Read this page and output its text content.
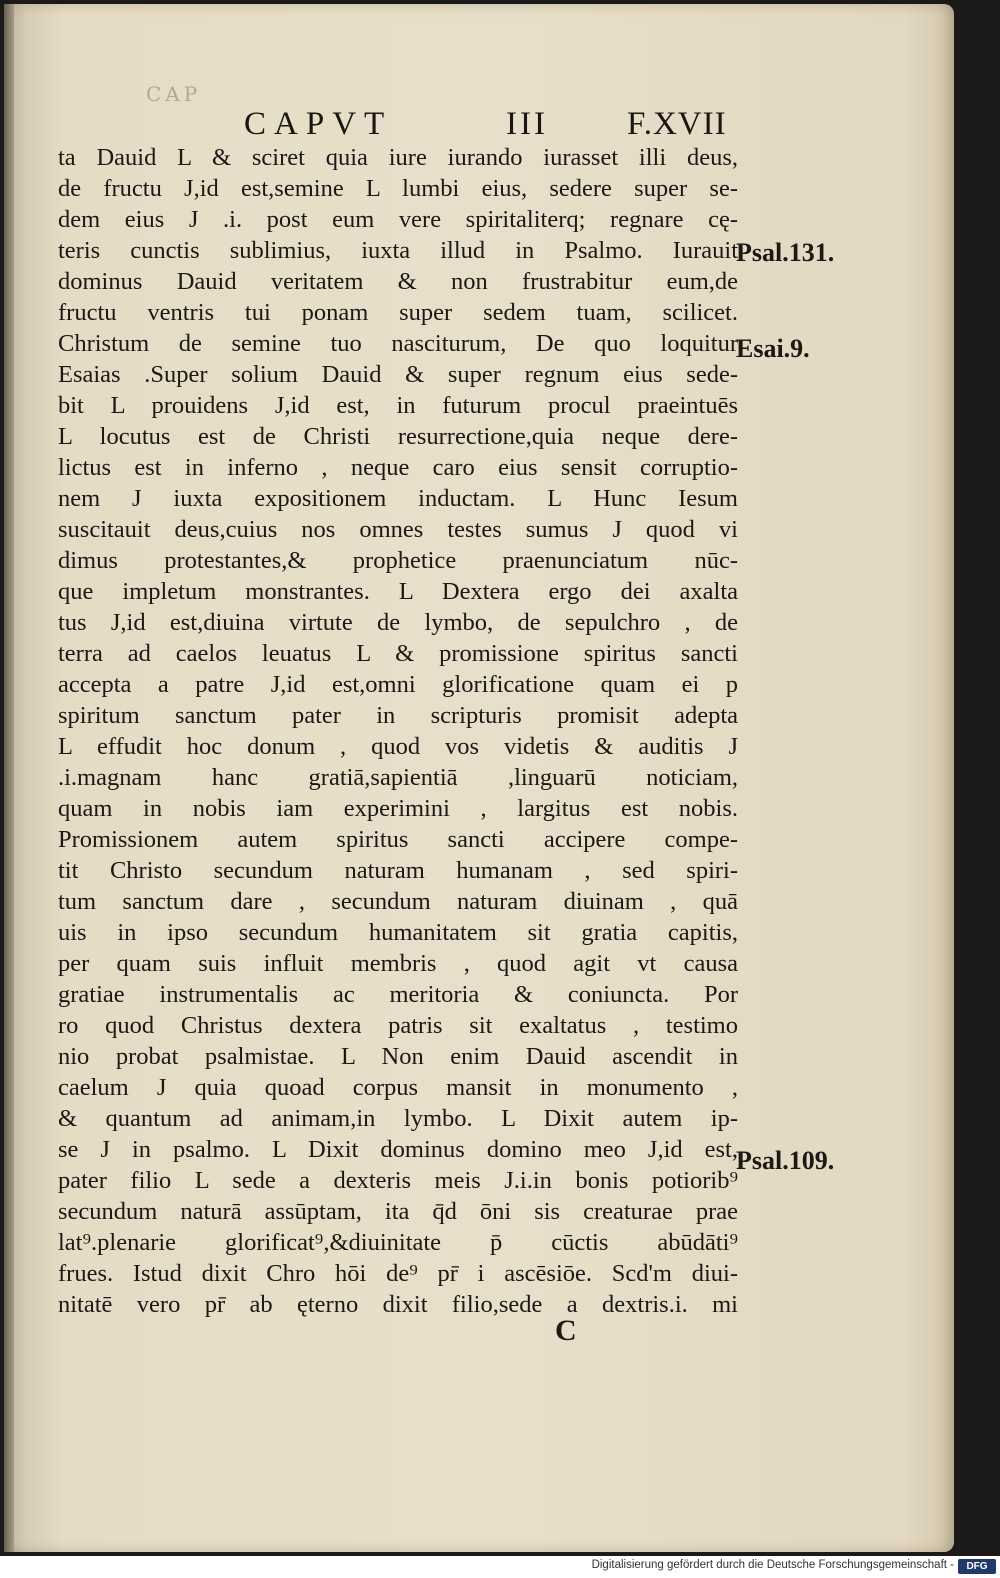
CAP
CAPVT	III F.XVII
ta Dauid L & sciret quia iure iurando iurasset illi deus,
de fructu J,id est,semine L lumbi eius, sedere super se-
dem eius J .i. post eum vere spiritaliterq; regnare cę-
teris cunctis sublimius, iuxta illud in Psalmo. Iurauit
dominus Dauid veritatem & non frustrabitur eum,de
fructu ventris tui ponam super sedem tuam, scilicet.
Christum de semine tuo nasciturum, De quo loquitur
Esaias .Super solium Dauid & super regnum eius sede-
bit L prouidens J,id est, in futurum procul praeintuēs
L locutus est de Christi resurrectione,quia neque dere-
lictus est in inferno , neque caro eius sensit corruptio-
nem J iuxta expositionem inductam. L Hunc Iesum
suscitauit deus,cuius nos omnes testes sumus J quod vi
dimus protestantes,& prophetice praenunciatum nūc-
que impletum monstrantes. L Dextera ergo dei axalta
tus J,id est,diuina virtute de lymbo, de sepulchro , de
terra ad caelos leuatus L & promissione spiritus sancti
accepta a patre J,id est,omni glorificatione quam ei p
spiritum sanctum pater in scripturis promisit adepta
L effudit hoc donum , quod vos videtis & auditis J
.i.magnam hanc gratiā,sapientiā ,linguarū noticiam,
quam in nobis iam experimini , largitus est nobis.
Promissionem autem spiritus sancti accipere compe-
tit Christo secundum naturam humanam , sed spiri-
tum sanctum dare , secundum naturam diuinam , quā
uis in ipso secundum humanitatem sit gratia capitis,
per quam suis influit membris , quod agit vt causa
gratiae instrumentalis ac meritoria & coniuncta. Por
ro quod Christus dextera patris sit exaltatus , testimo
nio probat psalmistae. L Non enim Dauid ascendit in
caelum J quia quoad corpus mansit in monumento ,
& quantum ad animam,in lymbo. L Dixit autem ip-
se J in psalmo. L Dixit dominus domino meo J,id est,
pater filio L sede a dexteris meis J.i.in bonis potiorib⁹
secundum naturā assūptam, ita q̄d ōni sis creaturae prae
lat⁹.plenarie glorificat⁹,&diuinitate p̄ cūctis abūdāti⁹
frues. Istud dixit Chro hōi de⁹ pr̄ i ascēsiōe. Scd'm diui-
nitatē vero pr̄ ab ęterno dixit filio,sede a dextris.i. mi
Psal.131.
Esai.9.
Psal.109.
C
Digitalisierung gefördert durch die Deutsche Forschungsgemeinschaft -	DFG
